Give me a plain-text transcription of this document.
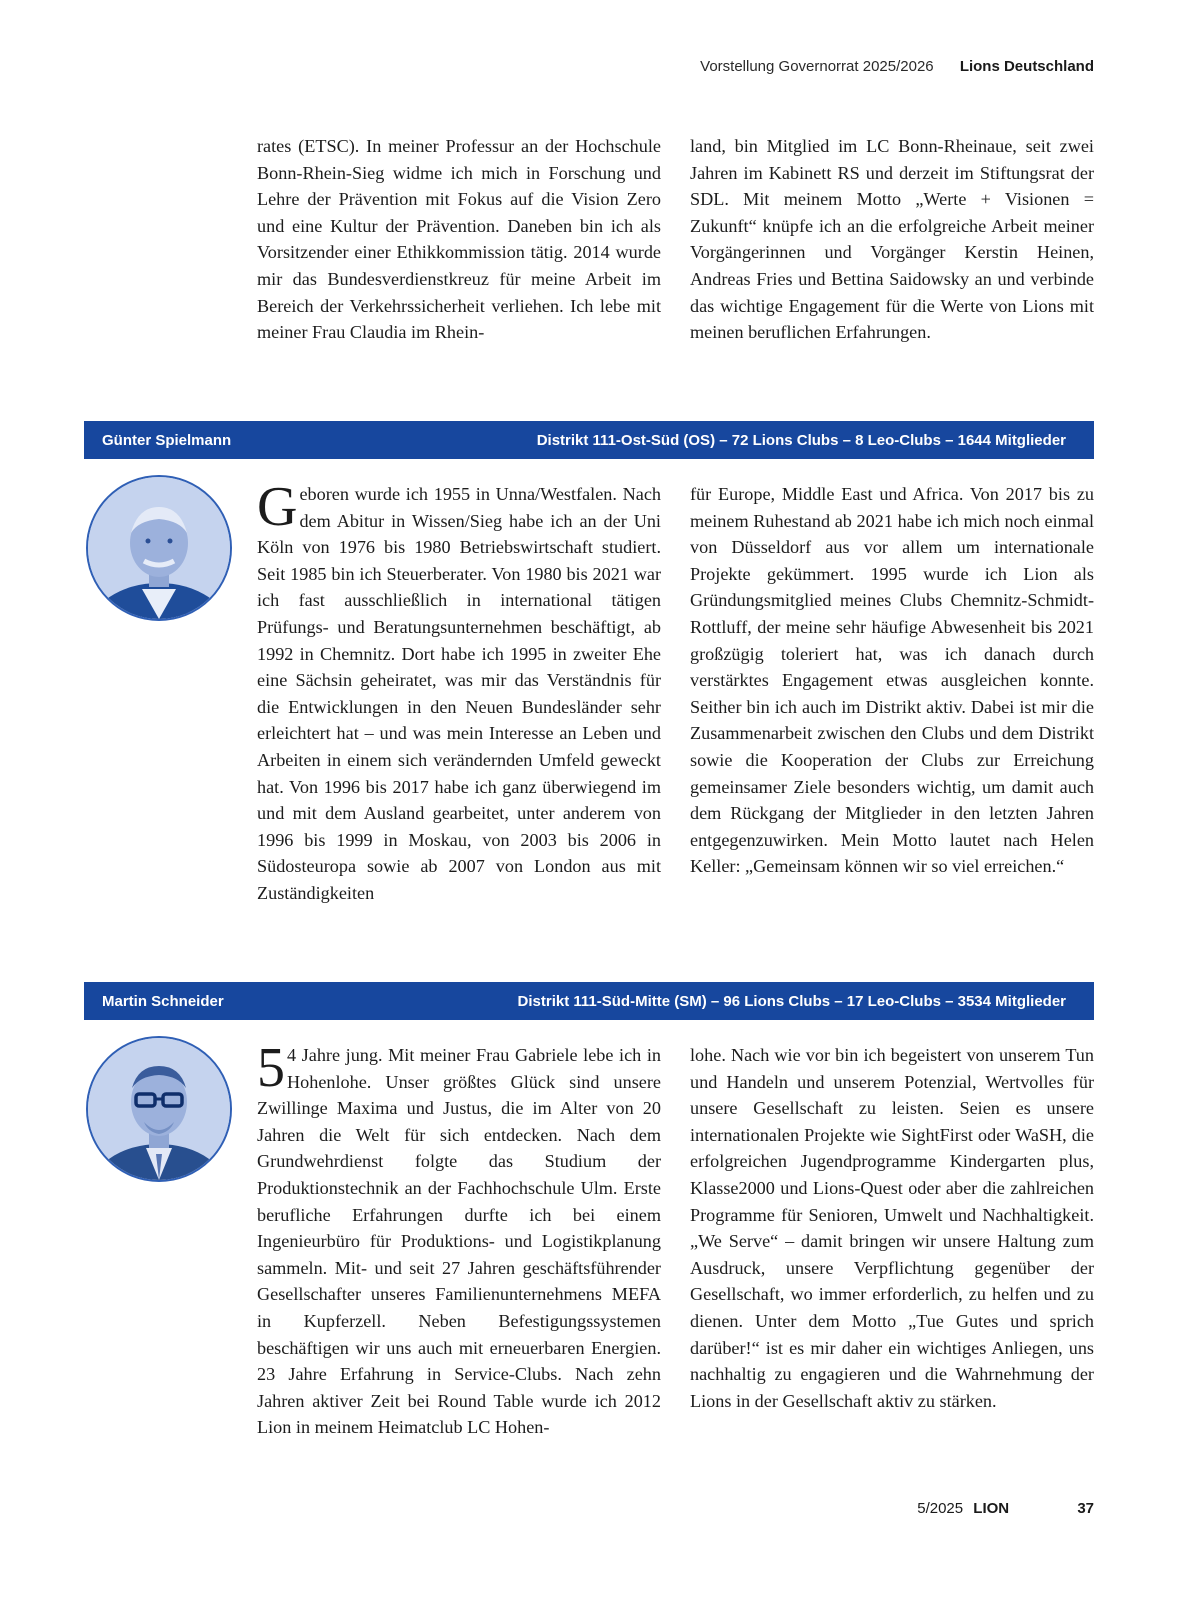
Vorstellung Governorrat 2025/2026 Lions Deutschland

rates (ETSC). In meiner Professur an der Hochschule Bonn-Rhein-Sieg widme ich mich in Forschung und Lehre der Prävention mit Fokus auf die Vision Zero und eine Kultur der Prävention. Daneben bin ich als Vorsitzender einer Ethikkommission tätig. 2014 wurde mir das Bundesverdienstkreuz für meine Arbeit im Bereich der Verkehrssicherheit verliehen. Ich lebe mit meiner Frau Claudia im Rhein-

land, bin Mitglied im LC Bonn-Rheinaue, seit zwei Jahren im Kabinett RS und derzeit im Stiftungsrat der SDL. Mit meinem Motto „Werte + Visionen = Zukunft“ knüpfe ich an die erfolgreiche Arbeit meiner Vorgängerinnen und Vorgänger Kerstin Heinen, Andreas Fries und Bettina Saidowsky an und verbinde das wichtige Engagement für die Werte von Lions mit meinen beruflichen Erfahrungen.

Günter Spielmann	Distrikt 111-Ost-Süd (OS) – 72 Lions Clubs – 8 Leo-Clubs – 1644 Mitglieder

Geboren wurde ich 1955 in Unna/Westfalen. Nach dem Abitur in Wissen/Sieg habe ich an der Uni Köln von 1976 bis 1980 Betriebswirtschaft studiert. Seit 1985 bin ich Steuerberater. Von 1980 bis 2021 war ich fast ausschließlich in international tätigen Prüfungs- und Beratungsunternehmen beschäftigt, ab 1992 in Chemnitz. Dort habe ich 1995 in zweiter Ehe eine Sächsin geheiratet, was mir das Verständnis für die Entwicklungen in den Neuen Bundesländer sehr erleichtert hat – und was mein Interesse an Leben und Arbeiten in einem sich verändernden Umfeld geweckt hat. Von 1996 bis 2017 habe ich ganz überwiegend im und mit dem Ausland gearbeitet, unter anderem von 1996 bis 1999 in Moskau, von 2003 bis 2006 in Südosteuropa sowie ab 2007 von London aus mit Zuständigkeiten

für Europe, Middle East und Africa. Von 2017 bis zu meinem Ruhestand ab 2021 habe ich mich noch einmal von Düsseldorf aus vor allem um internationale Projekte gekümmert. 1995 wurde ich Lion als Gründungsmitglied meines Clubs Chemnitz-Schmidt-Rottluff, der meine sehr häufige Abwesenheit bis 2021 großzügig toleriert hat, was ich danach durch verstärktes Engagement etwas ausgleichen konnte. Seither bin ich auch im Distrikt aktiv. Dabei ist mir die Zusammenarbeit zwischen den Clubs und dem Distrikt sowie die Kooperation der Clubs zur Erreichung gemeinsamer Ziele besonders wichtig, um damit auch dem Rückgang der Mitglieder in den letzten Jahren entgegenzuwirken. Mein Motto lautet nach Helen Keller: „Gemeinsam können wir so viel erreichen.“

Martin Schneider	Distrikt 111-Süd-Mitte (SM) – 96 Lions Clubs – 17 Leo-Clubs – 3534 Mitglieder

5 4 Jahre jung. Mit meiner Frau Gabriele lebe ich in Hohenlohe. Unser größtes Glück sind unsere Zwillinge Maxima und Justus, die im Alter von 20 Jahren die Welt für sich entdecken. Nach dem Grundwehrdienst folgte das Studium der Produktionstechnik an der Fachhochschule Ulm. Erste berufliche Erfahrungen durfte ich bei einem Ingenieurbüro für Produktions- und Logistikplanung sammeln. Mit- und seit 27 Jahren geschäftsführender Gesellschafter unseres Familienunternehmens MEFA in Kupferzell. Neben Befestigungssystemen beschäftigen wir uns auch mit erneuerbaren Energien. 23 Jahre Erfahrung in Service-Clubs. Nach zehn Jahren aktiver Zeit bei Round Table wurde ich 2012 Lion in meinem Heimatclub LC Hohen-

lohe. Nach wie vor bin ich begeistert von unserem Tun und Handeln und unserem Potenzial, Wertvolles für unsere Gesellschaft zu leisten. Seien es unsere internationalen Projekte wie SightFirst oder WaSH, die erfolgreichen Jugendprogramme Kindergarten plus, Klasse2000 und Lions-Quest oder aber die zahlreichen Programme für Senioren, Umwelt und Nachhaltigkeit. „We Serve“ – damit bringen wir unsere Haltung zum Ausdruck, unsere Verpflichtung gegenüber der Gesellschaft, wo immer erforderlich, zu helfen und zu dienen. Unter dem Motto „Tue Gutes und sprich darüber!“ ist es mir daher ein wichtiges Anliegen, uns nachhaltig zu engagieren und die Wahrnehmung der Lions in der Gesellschaft aktiv zu stärken.

5/2025 LION	37
